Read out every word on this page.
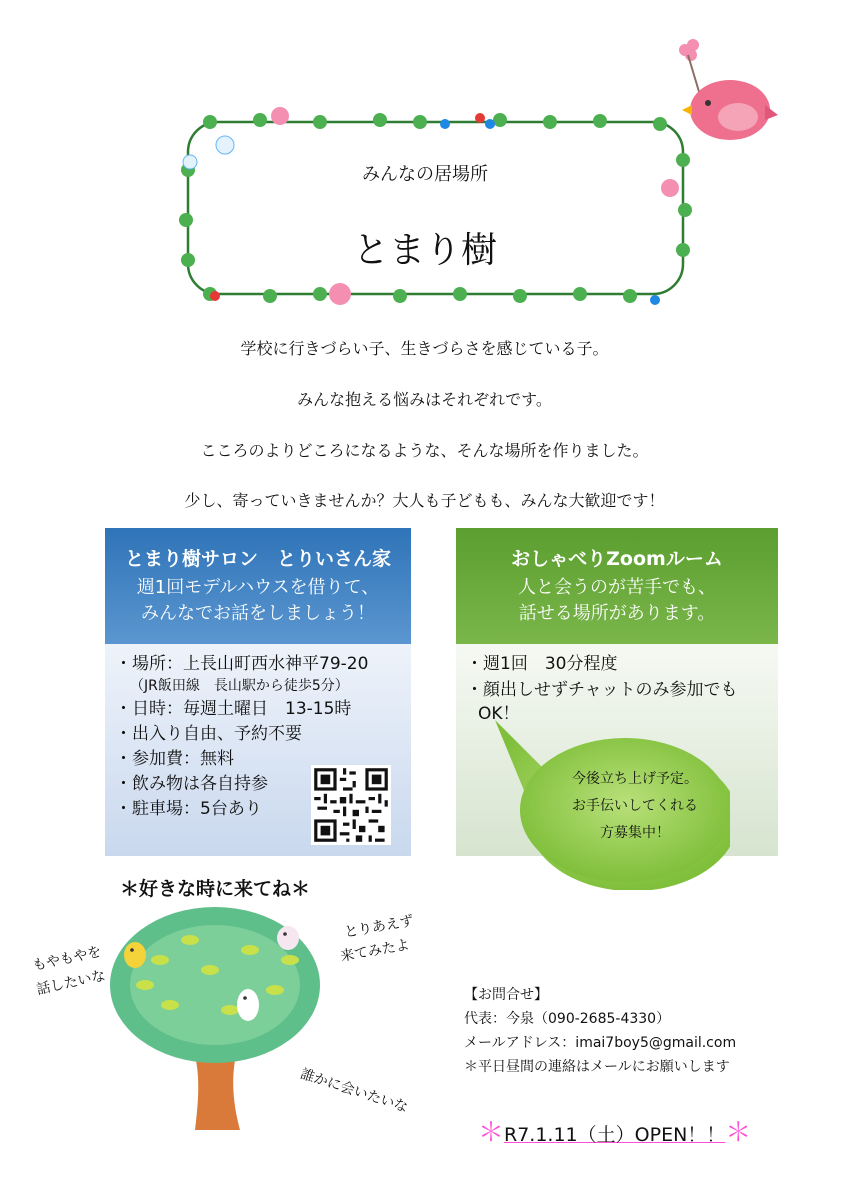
みんなの居場所
とまり樹
学校に行きづらい子、生きづらさを感じている子。
みんな抱える悩みはそれぞれです。
こころのよりどころになるような、そんな場所を作りました。
少し、寄っていきませんか？大人も子どもも、みんな大歓迎です！
とまり樹サロン　とりいさん家
週1回モデルハウスを借りて、
みんなでお話をしましょう！
・場所：上長山町西水神平79-20
（JR飯田線　長山駅から徒歩5分）
・日時：毎週土曜日　13-15時
・出入り自由、予約不要
・参加費：無料
・飲み物は各自持参
・駐車場：5台あり
おしゃべりZoomルーム
人と会うのが苦手でも、
話せる場所があります。
・週1回　30分程度
・顔出しせずチャットのみ参加でも
OK！
今後立ち上げ予定。
お手伝いしてくれる
方募集中！
＊好きな時に来てね＊
もやもやを
話したいな
とりあえず
来てみたよ
誰かに会いたいな
【お問合せ】
代表：今泉（090-2685-4330）
メールアドレス：imai7boy5@gmail.com
＊平日昼間の連絡はメールにお願いします
＊R7.1.11（土）OPEN！！＊
